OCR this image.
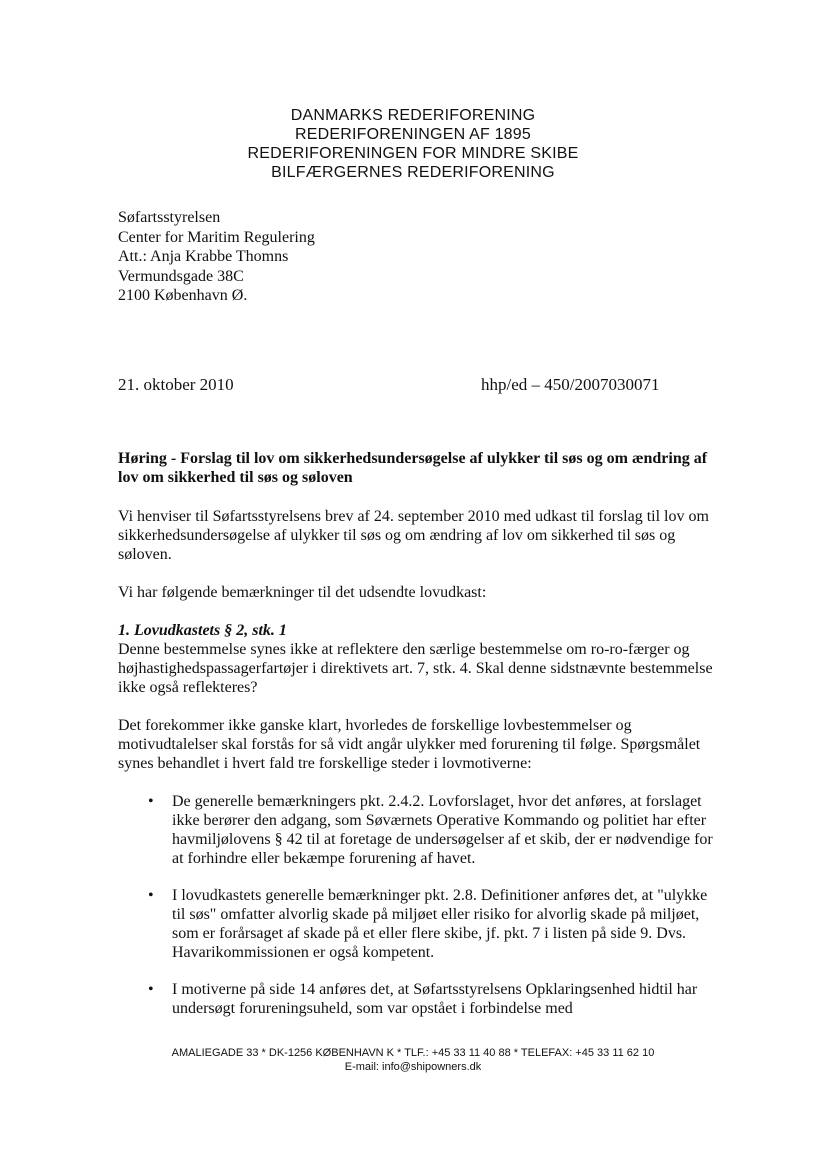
DANMARKS REDERIFORENING
REDERIFORENINGEN AF 1895
REDERIFORENINGEN FOR MINDRE SKIBE
BILFÆRGERNES REDERIFORENING
Søfartsstyrelsen
Center for Maritim Regulering
Att.: Anja Krabbe Thomns
Vermundsgade 38C
2100 København Ø.
21. oktober 2010	hhp/ed – 450/2007030071

Høring - Forslag til lov om sikkerhedsundersøgelse af ulykker til søs og om ændring af lov om sikkerhed til søs og søloven

Vi henviser til Søfartsstyrelsens brev af 24. september 2010 med udkast til forslag til lov om sikkerhedsundersøgelse af ulykker til søs og om ændring af lov om sikkerhed til søs og søloven.

Vi har følgende bemærkninger til det udsendte lovudkast:

1. Lovudkastets § 2, stk. 1

Denne bestemmelse synes ikke at reflektere den særlige bestemmelse om ro-ro-færger og højhastighedspassagerfartøjer i direktivets art. 7, stk. 4. Skal denne sidstnævnte bestemmelse ikke også reflekteres?

Det forekommer ikke ganske klart, hvorledes de forskellige lovbestemmelser og motivudtalelser skal forstås for så vidt angår ulykker med forurening til følge. Spørgsmålet synes behandlet i hvert fald tre forskellige steder i lovmotiverne:

• De generelle bemærkningers pkt. 2.4.2. Lovforslaget, hvor det anføres, at forslaget ikke berører den adgang, som Søværnets Operative Kommando og politiet har efter havmiljølovens § 42 til at foretage de undersøgelser af et skib, der er nødvendige for at forhindre eller bekæmpe forurening af havet.
• I lovudkastets generelle bemærkninger pkt. 2.8. Definitioner anføres det, at "ulykke til søs" omfatter alvorlig skade på miljøet eller risiko for alvorlig skade på miljøet, som er forårsaget af skade på et eller flere skibe, jf. pkt. 7 i listen på side 9. Dvs. Havarikommissionen er også kompetent.
• I motiverne på side 14 anføres det, at Søfartsstyrelsens Opklaringsenhed hidtil har undersøgt forureningsuheld, som var opstået i forbindelse med
AMALIEGADE 33 * DK-1256 KØBENHAVN K * TLF.: +45 33 11 40 88 * TELEFAX: +45 33 11 62 10
E-mail: info@shipowners.dk
